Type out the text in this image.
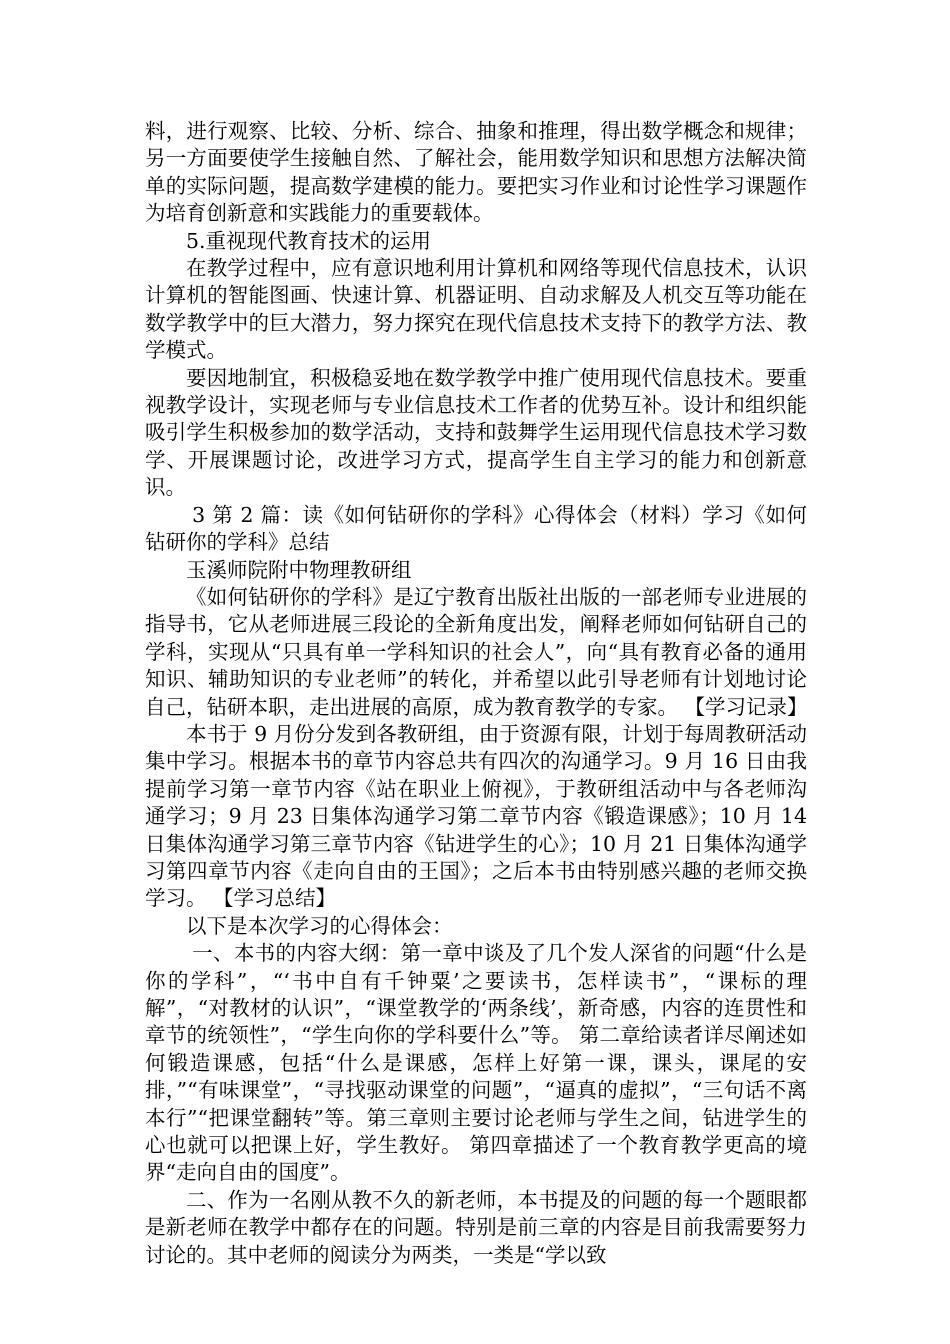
料，进行观察、比较、分析、综合、抽象和推理，得出数学概念和规律；另一方面要使学生接触自然、了解社会，能用数学知识和思想方法解决简单的实际问题，提高数学建模的能力。要把实习作业和讨论性学习课题作为培育创新意和实践能力的重要载体。

5.重视现代教育技术的运用

在教学过程中，应有意识地利用计算机和网络等现代信息技术，认识计算机的智能图画、快速计算、机器证明、自动求解及人机交互等功能在数学教学中的巨大潜力，努力探究在现代信息技术支持下的教学方法、教学模式。

要因地制宜，积极稳妥地在数学教学中推广使用现代信息技术。要重视教学设计，实现老师与专业信息技术工作者的优势互补。设计和组织能吸引学生积极参加的数学活动，支持和鼓舞学生运用现代信息技术学习数学、开展课题讨论，改进学习方式，提高学生自主学习的能力和创新意识。

3 第 2 篇：读《如何钻研你的学科》心得体会（材料）学习《如何钻研你的学科》总结

玉溪师院附中物理教研组

《如何钻研你的学科》是辽宁教育出版社出版的一部老师专业进展的指导书，它从老师进展三段论的全新角度出发，阐释老师如何钻研自己的学科，实现从“只具有单一学科知识的社会人”，向“具有教育必备的通用知识、辅助知识的专业老师”的转化，并希望以此引导老师有计划地讨论自己，钻研本职，走出进展的高原，成为教育教学的专家。 【学习记录】

本书于 9 月份分发到各教研组，由于资源有限，计划于每周教研活动集中学习。根据本书的章节内容总共有四次的沟通学习。9 月 16 日由我提前学习第一章节内容《站在职业上俯视》，于教研组活动中与各老师沟通学习；9 月 23 日集体沟通学习第二章节内容《锻造课感》；10 月 14 日集体沟通学习第三章节内容《钻进学生的心》；10 月 21 日集体沟通学习第四章节内容《走向自由的王国》；之后本书由特别感兴趣的老师交换学习。 【学习总结】

以下是本次学习的心得体会：

一、本书的内容大纲：第一章中谈及了几个发人深省的问题“什么是你的学科”，“‘书中自有千钟粟’之要读书，怎样读书”，“课标的理解”，“对教材的认识”，“课堂教学的‘两条线’，新奇感，内容的连贯性和章节的统领性”，“学生向你的学科要什么”等。 第二章给读者详尽阐述如何锻造课感，包括“什么是课感，怎样上好第一课，课头，课尾的安排，”“有味课堂”，“寻找驱动课堂的问题”，“逼真的虚拟”，“三句话不离本行”“把课堂翻转”等。第三章则主要讨论老师与学生之间，钻进学生的心也就可以把课上好，学生教好。 第四章描述了一个教育教学更高的境界“走向自由的国度”。

二、作为一名刚从教不久的新老师，本书提及的问题的每一个题眼都是新老师在教学中都存在的问题。特别是前三章的内容是目前我需要努力讨论的。其中老师的阅读分为两类，一类是“学以致
